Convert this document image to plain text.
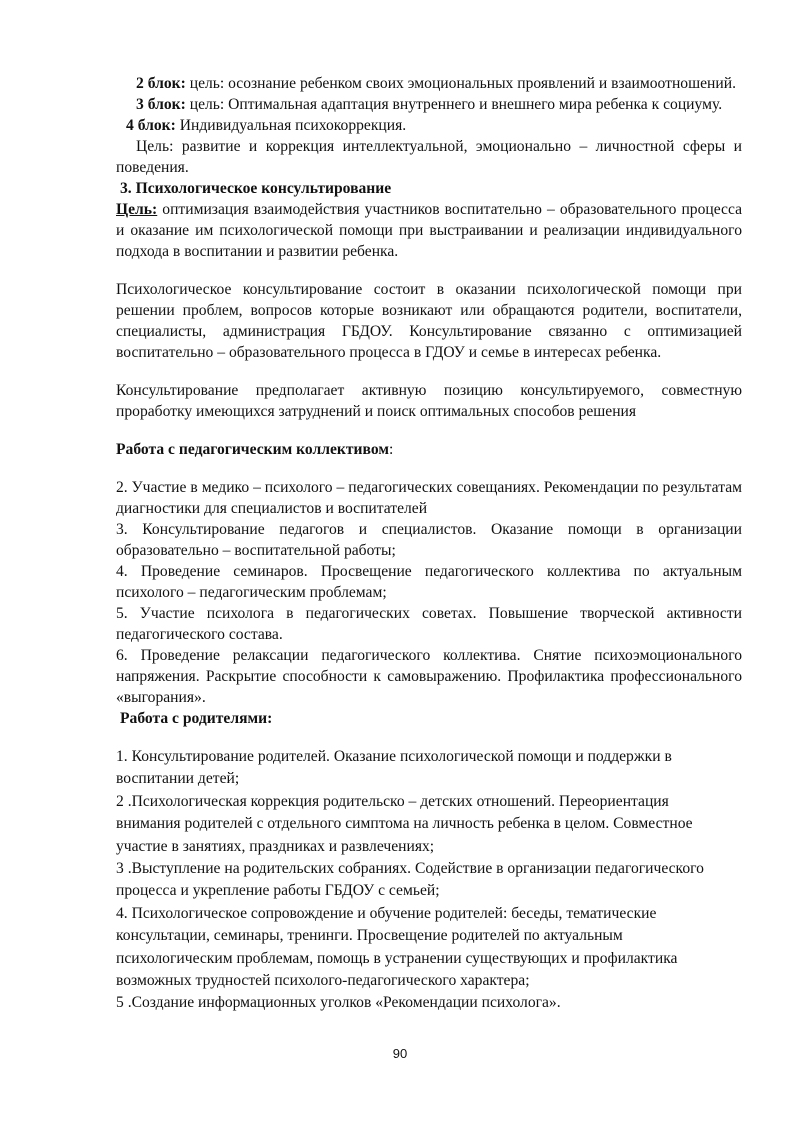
2 блок: цель: осознание ребенком своих эмоциональных проявлений и взаимоотношений.

3 блок: цель: Оптимальная адаптация внутреннего и внешнего мира ребенка к социуму.

4 блок: Индивидуальная психокоррекция.

Цель: развитие и коррекция интеллектуальной, эмоционально – личностной сферы и поведения.

3. Психологическое консультирование

Цель: оптимизация взаимодействия участников воспитательно – образовательного процесса и оказание им психологической помощи при выстраивании и реализации индивидуального подхода в воспитании и развитии ребенка.

Психологическое консультирование состоит в оказании психологической помощи при решении проблем, вопросов которые возникают или обращаются родители, воспитатели, специалисты, администрация ГБДОУ. Консультирование связанно с оптимизацией воспитательно – образовательного процесса в ГДОУ и семье в интересах ребенка.

Консультирование предполагает активную позицию консультируемого, совместную проработку имеющихся затруднений и поиск оптимальных способов решения

Работа с педагогическим коллективом:

2. Участие в медико – психолого – педагогических совещаниях. Рекомендации по результатам диагностики для специалистов и воспитателей

3. Консультирование педагогов и специалистов. Оказание помощи в организации образовательно – воспитательной работы;

4. Проведение семинаров. Просвещение педагогического коллектива по актуальным психолого – педагогическим проблемам;

5. Участие психолога в педагогических советах. Повышение творческой активности педагогического состава.

6. Проведение релаксации педагогического коллектива. Снятие психоэмоционального напряжения. Раскрытие способности к самовыражению. Профилактика профессионального «выгорания».

Работа с родителями:

1. Консультирование родителей. Оказание психологической помощи и поддержки в воспитании детей;

2 .Психологическая коррекция родительско – детских отношений. Переориентация внимания родителей с отдельного симптома на личность ребенка в целом. Совместное участие в занятиях, праздниках и развлечениях;

3 .Выступление на родительских собраниях. Содействие в организации педагогического процесса и укрепление работы ГБДОУ с семьей;

4. Психологическое сопровождение и обучение родителей: беседы, тематические консультации, семинары, тренинги. Просвещение родителей по актуальным психологическим проблемам, помощь в устранении существующих и профилактика возможных трудностей психолого-педагогического характера;

5 .Создание информационных уголков «Рекомендации психолога».

90
